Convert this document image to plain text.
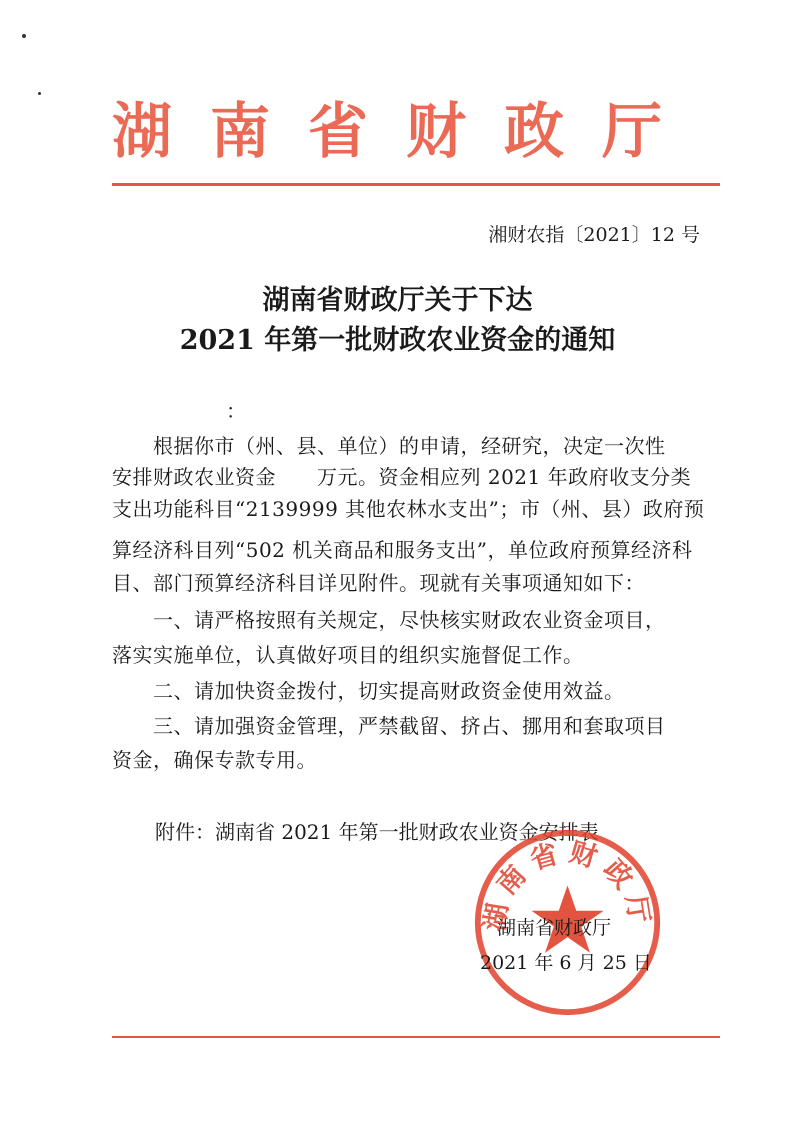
湖南省财政厅
湘财农指〔2021〕12 号
湖南省财政厅关于下达
2021 年第一批财政农业资金的通知
：
　　根据你市（州、县、单位）的申请，经研究，决定一次性
安排财政农业资金　　万元。资金相应列 2021 年政府收支分类
支出功能科目“2139999 其他农林水支出”；市（州、县）政府预
算经济科目列“502 机关商品和服务支出”，单位政府预算经济科
目、部门预算经济科目详见附件。现就有关事项通知如下：
　　一、请严格按照有关规定，尽快核实财政农业资金项目，
落实实施单位，认真做好项目的组织实施督促工作。
　　二、请加快资金拨付，切实提高财政资金使用效益。
　　三、请加强资金管理，严禁截留、挤占、挪用和套取项目
资金，确保专款专用。
附件：湖南省 2021 年第一批财政农业资金安排表
湖南省财政厅
湖南省财政厅
2021 年 6 月 25 日
